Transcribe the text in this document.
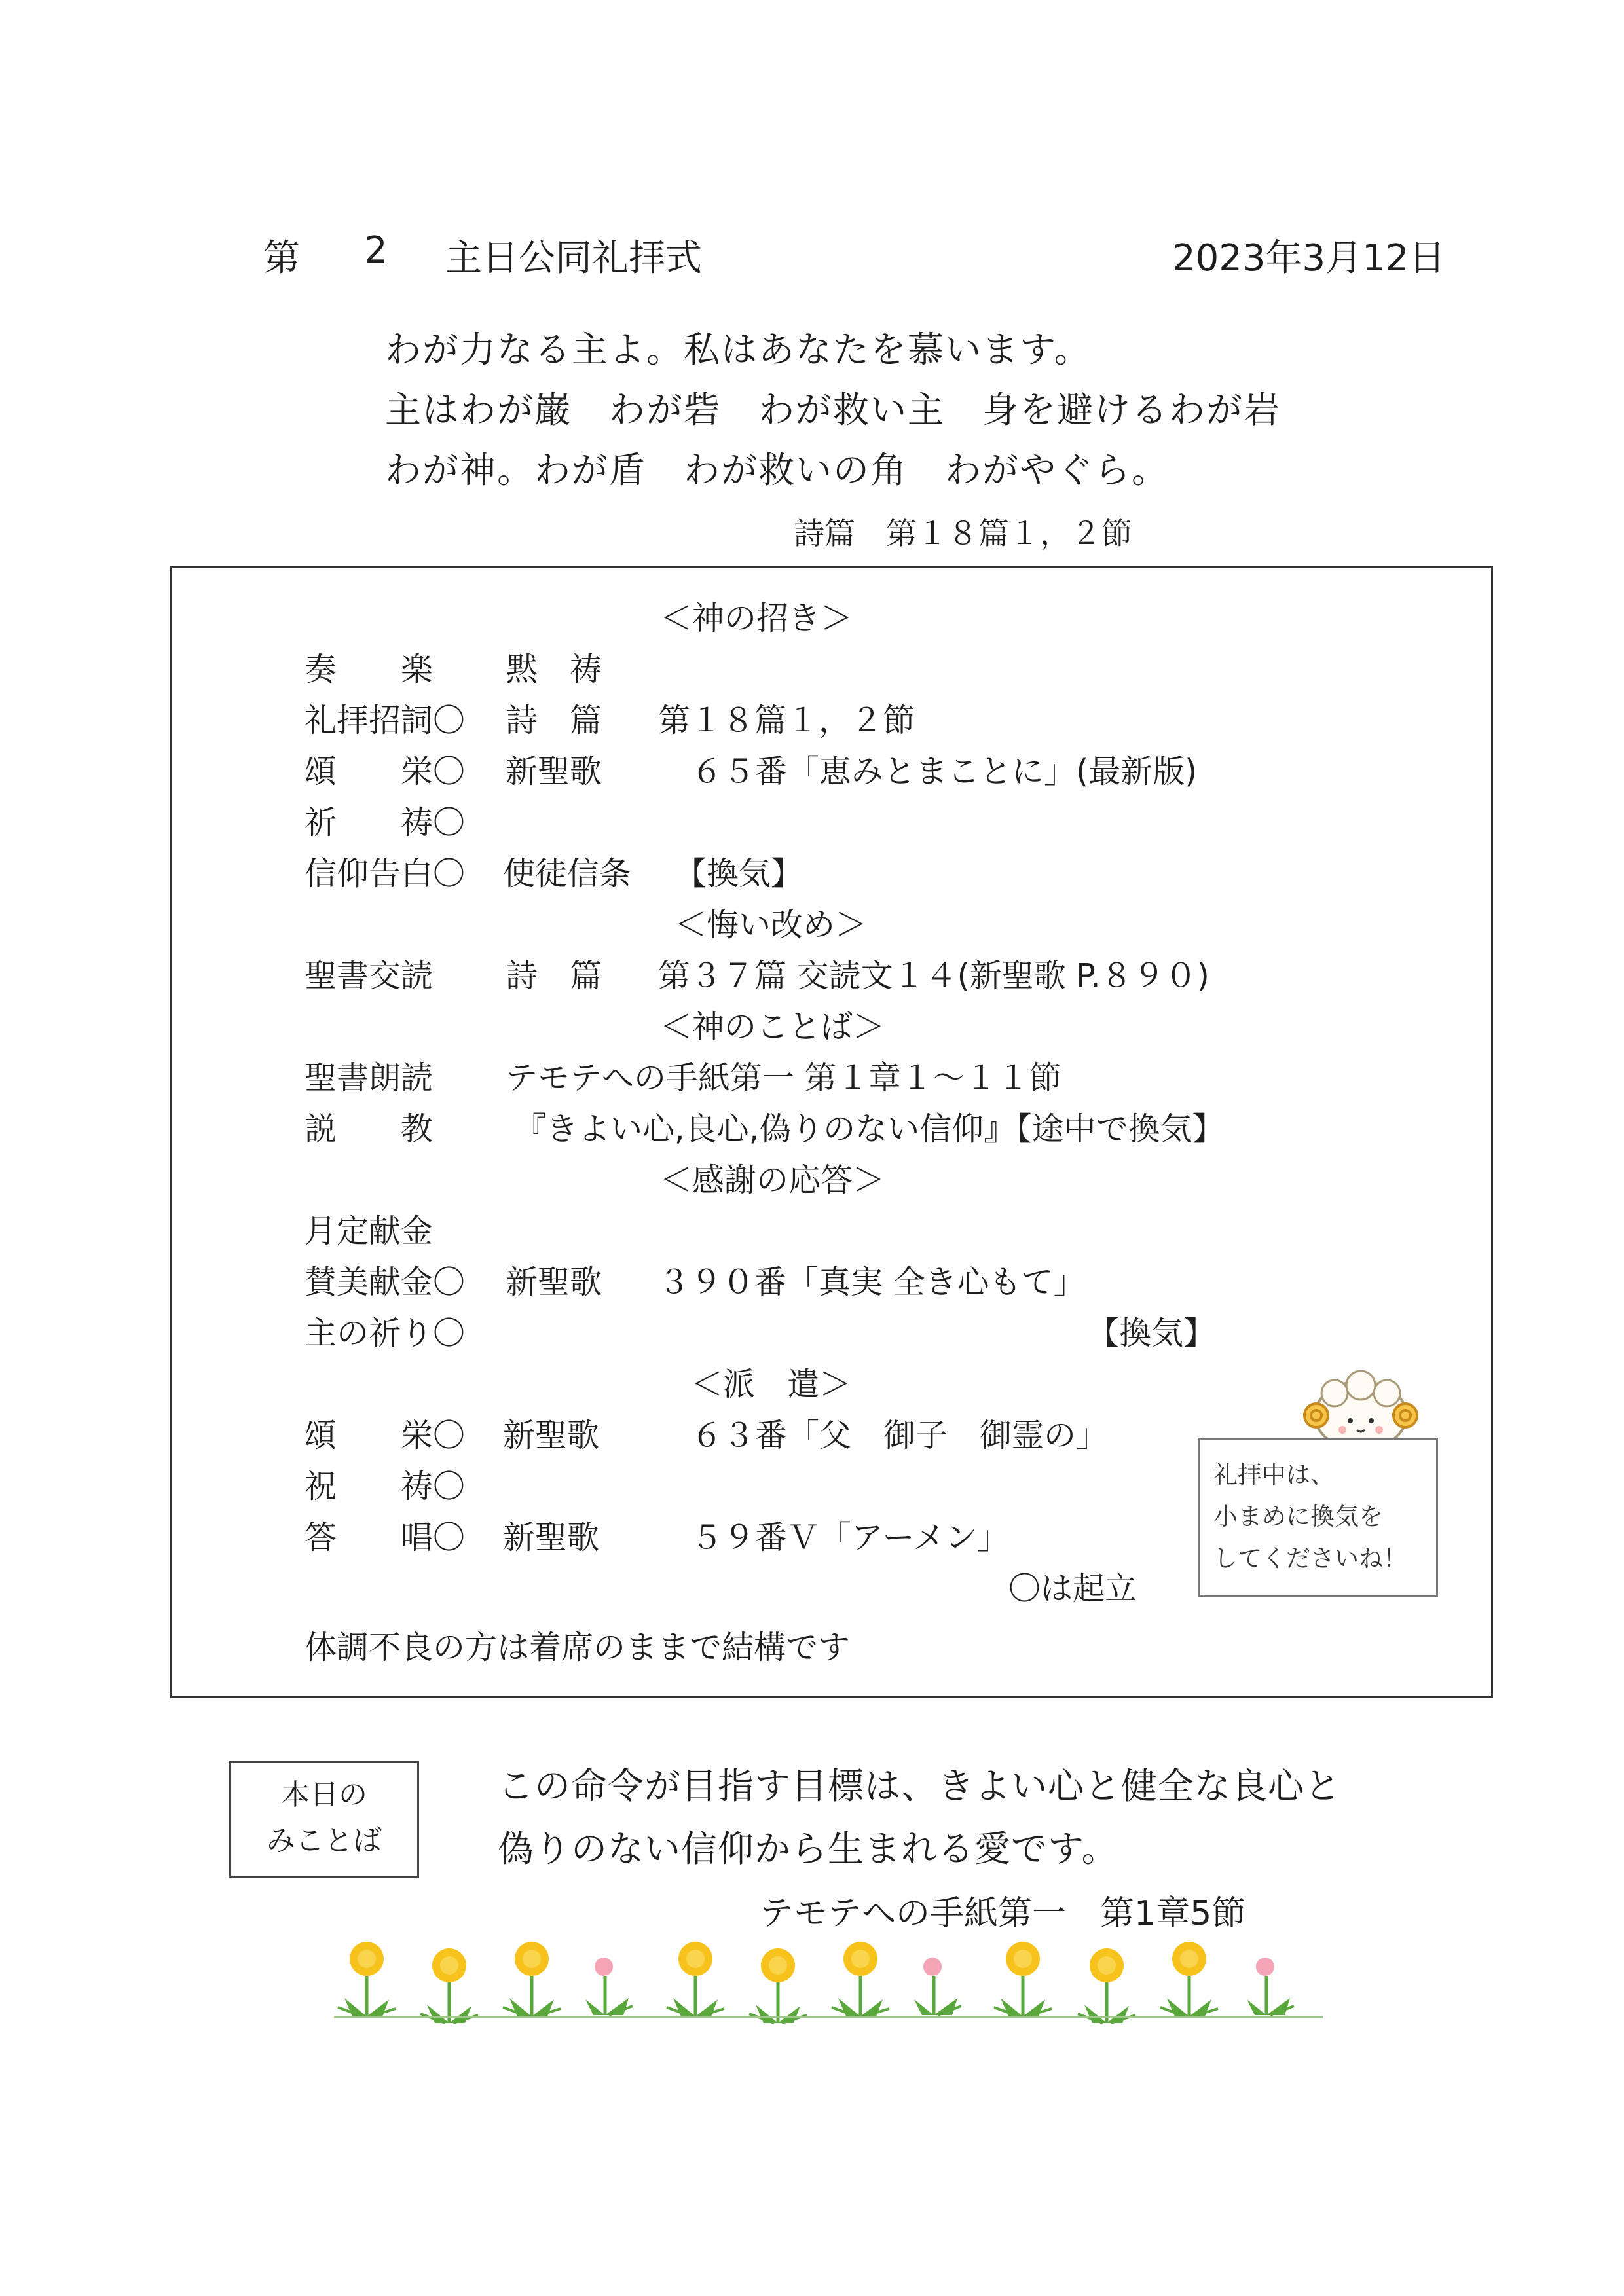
第 2 主日公同礼拝式	2023年3月12日
わが力なる主よ。私はあなたを慕います。
主はわが巌　わが砦　わが救い主　身を避けるわが岩
わが神。わが盾　わが救いの角　わがやぐら。
詩篇　第１８篇１，２節
＜神の招き＞
奏　　楽 黙　祷
礼拝招詞〇 詩　篇 第１８篇１，２節
頌　　栄〇 新聖歌	６５番「恵みとまことに」(最新版)
祈　　祷〇
信仰告白〇 使徒信条 【換気】
＜悔い改め＞
聖書交読 詩　篇 第３７篇 交読文１４(新聖歌 P.８９０)
＜神のことば＞
聖書朗読 テモテへの手紙第一 第１章１～１１節
説　　教	『きよい心,良心,偽りのない信仰』【途中で換気】
＜感謝の応答＞
月定献金
賛美献金〇 新聖歌 ３９０番「真実 全き心もて」
主の祈り〇	【換気】
＜派　遣＞
頌　　栄〇 新聖歌	６３番「父　御子　御霊の」
祝　　祷〇
答　　唱〇 新聖歌	５９番Ｖ「アーメン」
〇は起立
体調不良の方は着席のままで結構です
礼拝中は、
小まめに換気を
してくださいね！
本日の
みことば
この命令が目指す目標は、きよい心と健全な良心と
偽りのない信仰から生まれる愛です。
テモテへの手紙第一　第1章5節
